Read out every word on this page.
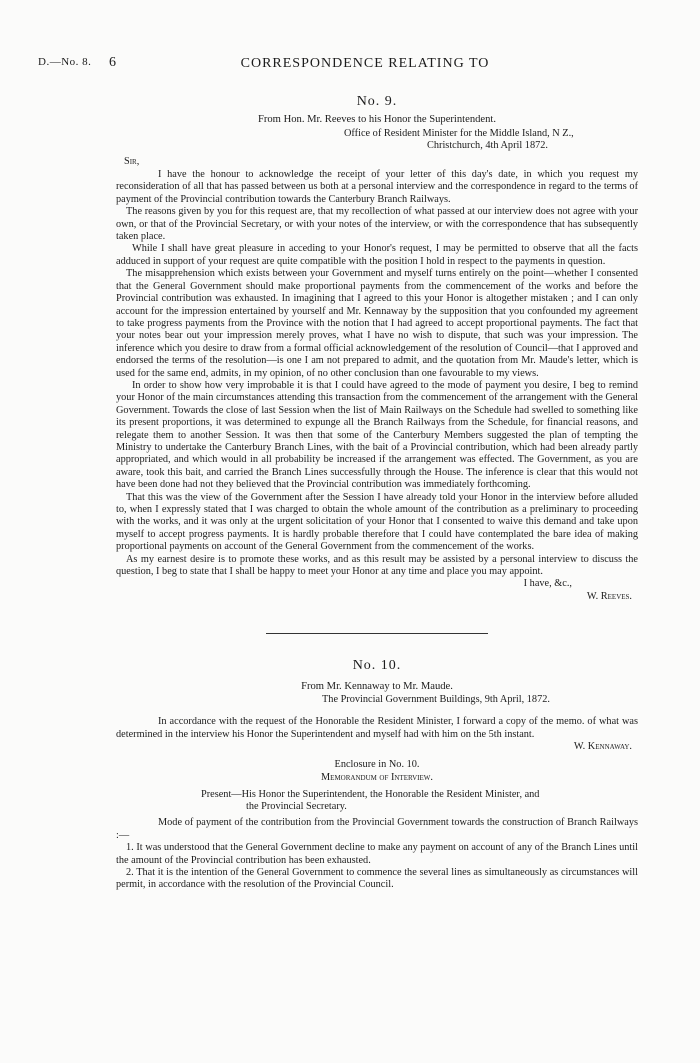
D.—No. 8. 6	CORRESPONDENCE RELATING TO
No. 9.
From Hon. Mr. Reeves to his Honor the Superintendent.
Office of Resident Minister for the Middle Island, N Z.,
Christchurch, 4th April 1872.
Sir,

I have the honour to acknowledge the receipt of your letter of this day's date, in which you request my reconsideration of all that has passed between us both at a personal interview and the correspondence in regard to the terms of payment of the Provincial contribution towards the Canterbury Branch Railways.

The reasons given by you for this request are, that my recollection of what passed at our interview does not agree with your own, or that of the Provincial Secretary, or with your notes of the interview, or with the correspondence that has subsequently taken place.

While I shall have great pleasure in acceding to your Honor's request, I may be permitted to observe that all the facts adduced in support of your request are quite compatible with the position I hold in respect to the payments in question.

The misapprehension which exists between your Government and myself turns entirely on the point—whether I consented that the General Government should make proportional payments from the commencement of the works and before the Provincial contribution was exhausted. In imagining that I agreed to this your Honor is altogether mistaken ; and I can only account for the impression entertained by yourself and Mr. Kennaway by the supposition that you confounded my agreement to take progress payments from the Province with the notion that I had agreed to accept proportional payments. The fact that your notes bear out your impression merely proves, what I have no wish to dispute, that such was your impression. The inference which you desire to draw from a formal official acknowledgement of the resolution of Council—that I approved and endorsed the terms of the resolution—is one I am not prepared to admit, and the quotation from Mr. Maude's letter, which is used for the same end, admits, in my opinion, of no other conclusion than one favourable to my views.

In order to show how very improbable it is that I could have agreed to the mode of payment you desire, I beg to remind your Honor of the main circumstances attending this transaction from the commencement of the arrangement with the General Government. Towards the close of last Session when the list of Main Railways on the Schedule had swelled to something like its present proportions, it was determined to expunge all the Branch Railways from the Schedule, for financial reasons, and relegate them to another Session. It was then that some of the Canterbury Members suggested the plan of tempting the Ministry to undertake the Canterbury Branch Lines, with the bait of a Provincial contribution, which had been already partly appropriated, and which would in all probability be increased if the arrangement was effected. The Government, as you are aware, took this bait, and carried the Branch Lines successfully through the House. The inference is clear that this would not have been done had not they believed that the Provincial contribution was immediately forthcoming.

That this was the view of the Government after the Session I have already told your Honor in the interview before alluded to, when I expressly stated that I was charged to obtain the whole amount of the contribution as a preliminary to proceeding with the works, and it was only at the urgent solicitation of your Honor that I consented to waive this demand and take upon myself to accept progress payments. It is hardly probable therefore that I could have contemplated the bare idea of making proportional payments on account of the General Government from the commencement of the works.

As my earnest desire is to promote these works, and as this result may be assisted by a personal interview to discuss the question, I beg to state that I shall be happy to meet your Honor at any time and place you may appoint.

I have, &c.,
W. Reeves.
No. 10.
From Mr. Kennaway to Mr. Maude.
The Provincial Government Buildings, 9th April, 1872.

In accordance with the request of the Honorable the Resident Minister, I forward a copy of the memo. of what was determined in the interview his Honor the Superintendent and myself had with him on the 5th instant.

W. Kennaway.
Enclosure in No. 10.
Memorandum of Interview.
Present—His Honor the Superintendent, the Honorable the Resident Minister, and
the Provincial Secretary.

Mode of payment of the contribution from the Provincial Government towards the construction of Branch Railways :—

1. It was understood that the General Government decline to make any payment on account of any of the Branch Lines until the amount of the Provincial contribution has been exhausted.

2. That it is the intention of the General Government to commence the several lines as simultaneously as circumstances will permit, in accordance with the resolution of the Provincial Council.
